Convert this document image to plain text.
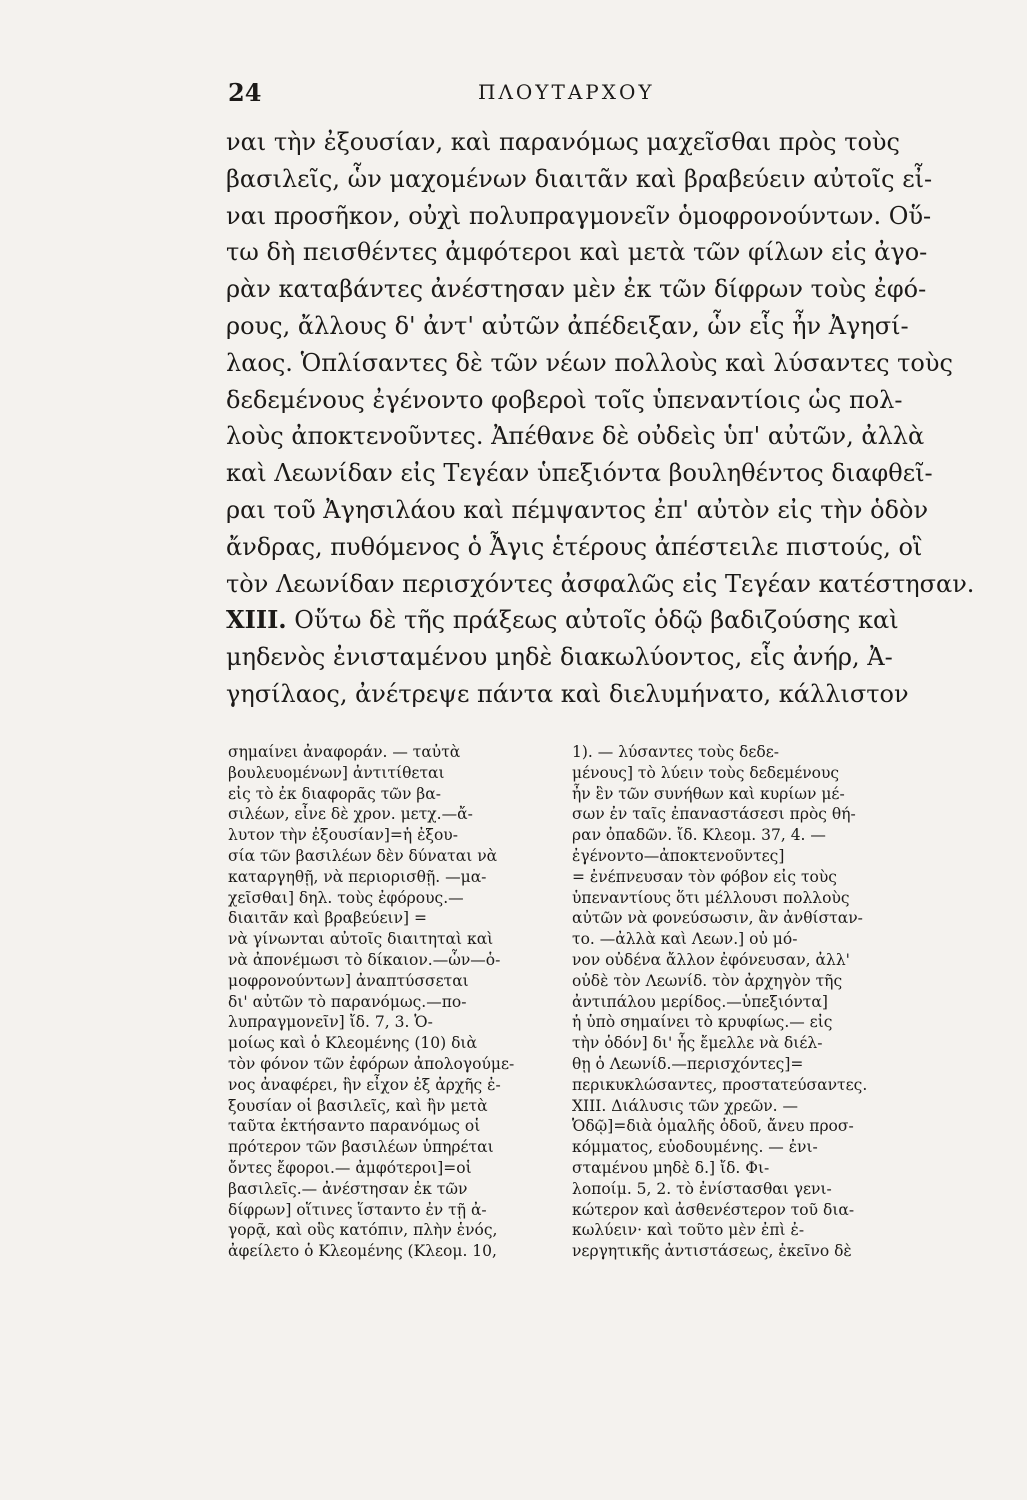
24	ΠΛΟΥΤΑΡΧΟΥ
ναι τὴν ἐξουσίαν, καὶ παρανόμως μαχεῖσθαι πρὸς τοὺς
βασιλεῖς, ὧν μαχομένων διαιτᾶν καὶ βραβεύειν αὐτοῖς εἶ-
ναι προσῆκον, οὐχὶ πολυπραγμονεῖν ὁμοφρονούντων. Οὕ-
τω δὴ πεισθέντες ἀμφότεροι καὶ μετὰ τῶν φίλων εἰς ἀγο-
ρὰν καταβάντες ἀνέστησαν μὲν ἐκ τῶν δίφρων τοὺς ἐφό-
ρους, ἄλλους δ' ἀντ' αὐτῶν ἀπέδειξαν, ὧν εἷς ἦν Ἀγησί-
λαος. Ὁπλίσαντες δὲ τῶν νέων πολλοὺς καὶ λύσαντες τοὺς
δεδεμένους ἐγένοντο φοβεροὶ τοῖς ὑπεναντίοις ὡς πολ-
λοὺς ἀποκτενοῦντες. Ἀπέθανε δὲ οὐδεὶς ὑπ' αὐτῶν, ἀλλὰ
καὶ Λεωνίδαν εἰς Τεγέαν ὑπεξιόντα βουληθέντος διαφθεῖ-
ραι τοῦ Ἀγησιλάου καὶ πέμψαντος ἐπ' αὐτὸν εἰς τὴν ὁδὸν
ἄνδρας, πυθόμενος ὁ Ἆγις ἑτέρους ἀπέστειλε πιστούς, οἳ
τὸν Λεωνίδαν περισχόντες ἀσφαλῶς εἰς Τεγέαν κατέστησαν.
XIII. Οὕτω δὲ τῆς πράξεως αὐτοῖς ὁδῷ βαδιζούσης καὶ
μηδενὸς ἐνισταμένου μηδὲ διακωλύοντος, εἷς ἀνήρ, Ἀ-
γησίλαος, ἀνέτρεψε πάντα καὶ διελυμήνατο, κάλλιστον
σημαίνει ἀναφοράν. — ταὐτὰ
βουλευομένων] ἀντιτίθεται
εἰς τὸ ἐκ διαφορᾶς τῶν βα-
σιλέων, εἶνε δὲ χρον. μετχ.—ἄ-
λυτον τὴν ἐξουσίαν]=ἡ ἐξου-
σία τῶν βασιλέων δὲν δύναται νὰ
καταργηθῇ, νὰ περιορισθῇ. —μα-
χεῖσθαι] δηλ. τοὺς ἐφόρους.—
διαιτᾶν καὶ βραβεύειν] =
νὰ γίνωνται αὐτοῖς διαιτηταὶ καὶ
νὰ ἀπονέμωσι τὸ δίκαιον.—ὧν—ὁ-
μοφρονούντων] ἀναπτύσσεται
δι' αὐτῶν τὸ παρανόμως.—πο-
λυπραγμονεῖν] ἴδ. 7, 3. Ὁ-
μοίως καὶ ὁ Κλεομένης (10) διὰ
τὸν φόνον τῶν ἐφόρων ἀπολογούμε-
νος ἀναφέρει, ἣν εἶχον ἐξ ἀρχῆς ἐ-
ξουσίαν οἱ βασιλεῖς, καὶ ἣν μετὰ
ταῦτα ἐκτήσαντο παρανόμως οἱ
πρότερον τῶν βασιλέων ὑπηρέται
ὄντες ἔφοροι.— ἀμφότεροι]=οἱ
βασιλεῖς.— ἀνέστησαν ἐκ τῶν
δίφρων] οἵτινες ἵσταντο ἐν τῇ ἀ-
γορᾷ, καὶ οὓς κατόπιν, πλὴν ἑνός,
ἀφείλετο ὁ Κλεομένης (Κλεομ. 10,
1). — λύσαντες τοὺς δεδε-
μένους] τὸ λύειν τοὺς δεδεμένους
ἦν ἓν τῶν συνήθων καὶ κυρίων μέ-
σων ἐν ταῖς ἐπαναστάσεσι πρὸς θή-
ραν ὀπαδῶν. ἴδ. Κλεομ. 37, 4. —
ἐγένοντο—ἀποκτενοῦντες]
= ἐνέπνευσαν τὸν φόβον εἰς τοὺς
ὑπεναντίους ὅτι μέλλουσι πολλοὺς
αὐτῶν νὰ φονεύσωσιν, ἂν ἀνθίσταν-
το. —ἀλλὰ καὶ Λεων.] οὐ μό-
νον οὐδένα ἄλλον ἐφόνευσαν, ἀλλ'
οὐδὲ τὸν Λεωνίδ. τὸν ἀρχηγὸν τῆς
ἀντιπάλου μερίδος.—ὑπεξιόντα]
ἡ ὑπὸ σημαίνει τὸ κρυφίως.— εἰς
τὴν ὁδόν] δι' ἧς ἔμελλε νὰ διέλ-
θῃ ὁ Λεωνίδ.—περισχόντες]=
περικυκλώσαντες, προστατεύσαντες.
XIII. Διάλυσις τῶν χρεῶν. —
Ὁδῷ]=διὰ ὁμαλῆς ὁδοῦ, ἄνευ προσ-
κόμματος, εὐοδουμένης. — ἐνι-
σταμένου μηδὲ δ.] ἴδ. Φι-
λοποίμ. 5, 2. τὸ ἐνίστασθαι γενι-
κώτερον καὶ ἀσθενέστερον τοῦ δια-
κωλύειν· καὶ τοῦτο μὲν ἐπὶ ἐ-
νεργητικῆς ἀντιστάσεως, ἐκεῖνο δὲ
